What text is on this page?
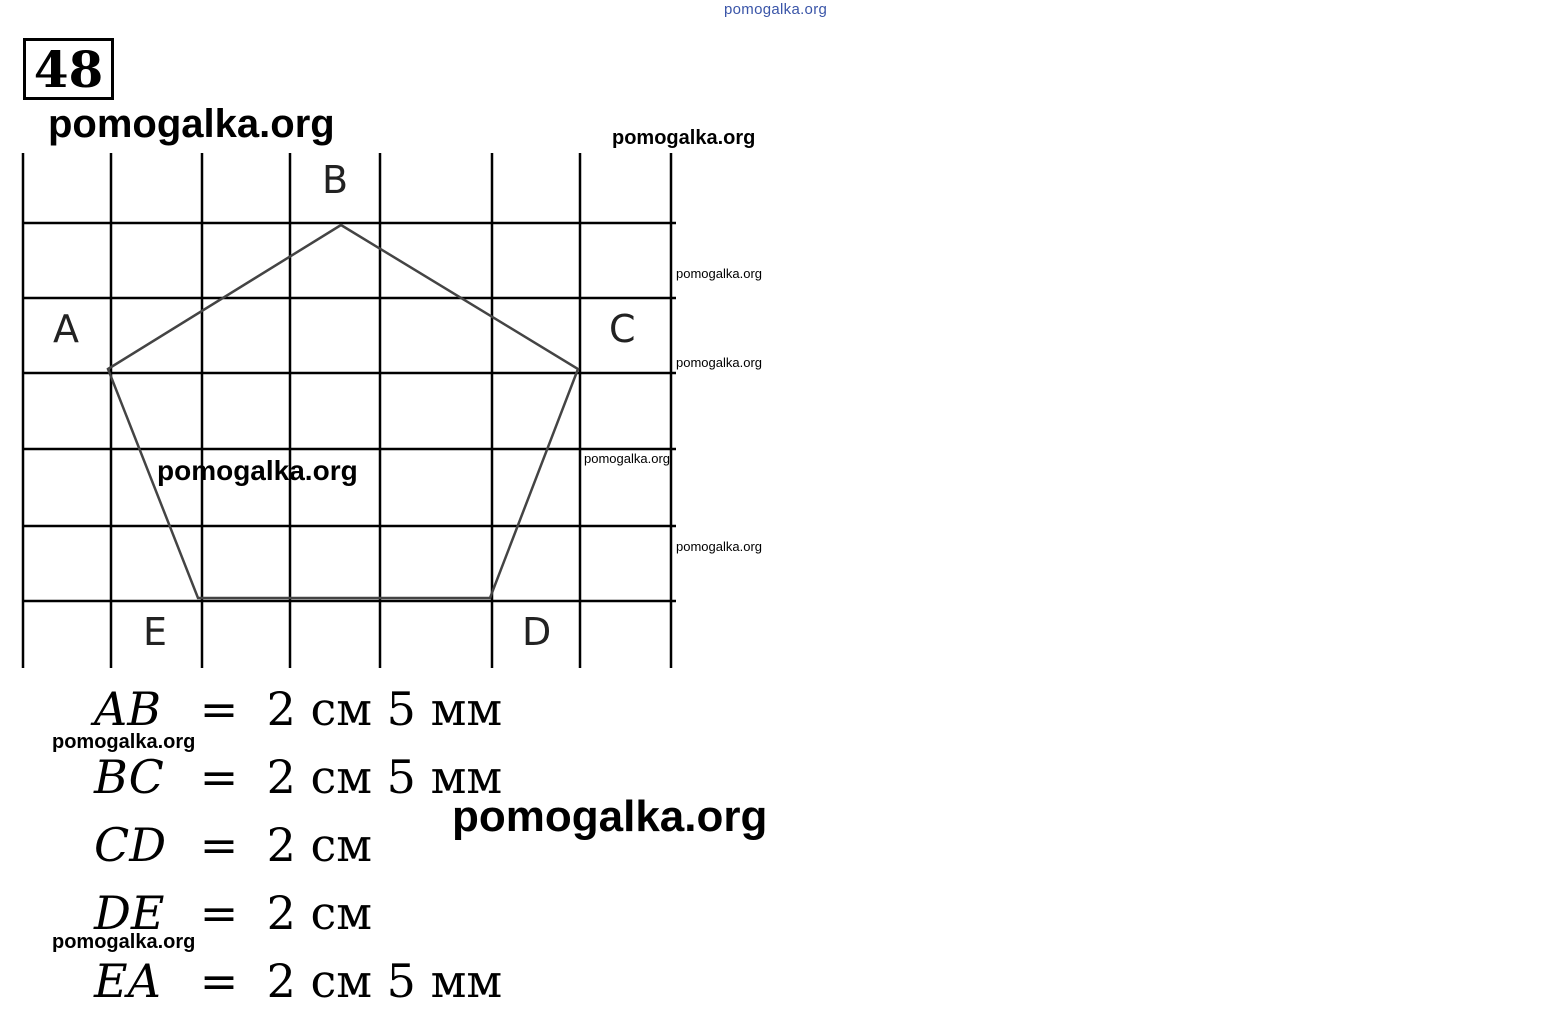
48
pomogalka.org
pomogalka.org	pomogalka.org
B
A	C
E	D
pomogalka.org
pomogalka.org
pomogalka.org
pomogalka.org
pomogalka.org
AB = 2 см 5 мм
BC = 2 см 5 мм
CD = 2 см
DE = 2 см
EA = 2 см 5 мм
pomogalka.org
pomogalka.org
pomogalka.org
